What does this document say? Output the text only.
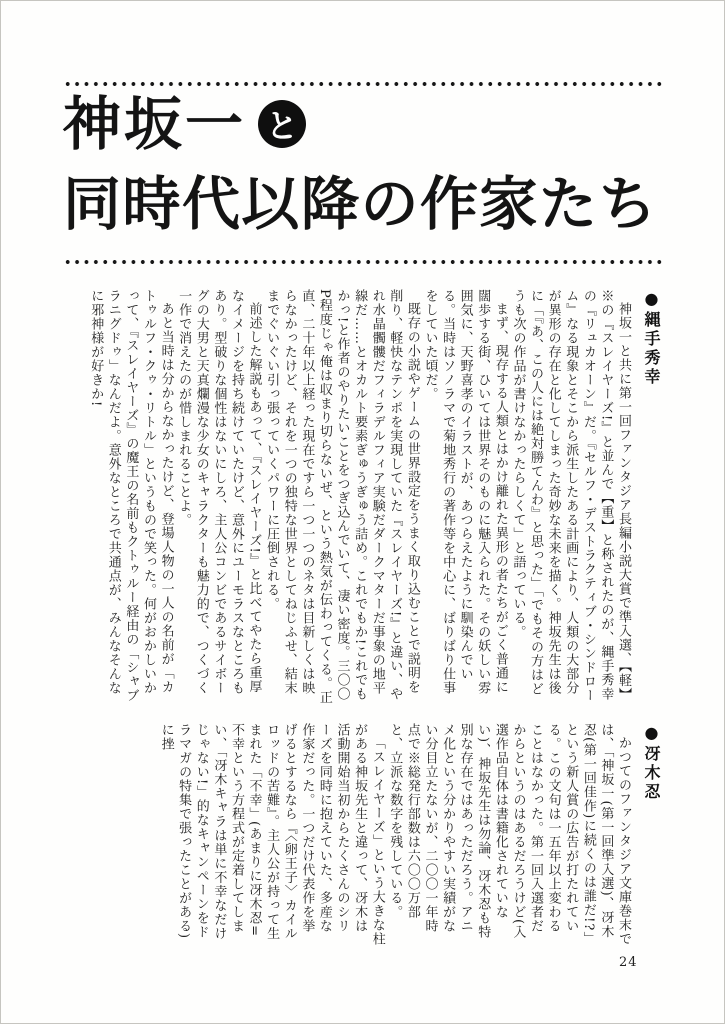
神坂一 と
同時代以降の作家たち
●縄手秀幸

神坂一と共に第一回ファンタジア長編小説大賞で準入選、【軽】※の『スレイヤーズ!』と並んで【重】と称されたのが、縄手秀幸の『リュカオーン』だ。『セルフ・デストラクティブ・シンドローム』なる現象とそこから派生したある計画により、人類の大部分が異形の存在と化してしまった奇妙な未来を描く。神坂先生は後に「『あ、この人には絶対勝てんわ』と思った」「でもその方はどうも次の作品が書けなかったらしくて」と語っている。

まず、現存する人類とはかけ離れた異形の者たちがごく普通に闊歩する街、ひいては世界そのものに魅入られた。その妖しい雰囲気に、天野喜孝のイラストが、あつらえたように馴染んでいる。当時はソノラマで菊地秀行の著作等を中心に、ばりばり仕事をしていた頃だ。

既存の小説やゲームの世界設定をうまく取り込むことで説明を削り、軽快なテンポを実現していた『スレイヤーズ!』と違い、やれ水晶髑髏だフィラデルフィア実験だダークマターだ事象の地平線だ……とオカルト要素ぎゅうぎゅう詰め。これでもか!これでもかっ!と作者のやりたいことをつぎ込んでいて、凄い密度。三〇〇P程度じゃ俺は収まり切らないぜ、という熱気が伝わってくる。正直、二十年以上経った現在ですら一つ一つのネタは目新しくは映らなかったけど、それを一つの独特な世界としてねじふせ、結末までぐいぐい引っ張っていくパワーに圧倒される。

前述した解説もあって、『スレイヤーズ!』と比べてやたら重厚なイメージを持ち続けていたけど、意外にユーモラスなところもあり。型破りな個性はないにしろ、主人公コンビであるサイボーグの大男と天真爛漫な少女のキャラクターも魅力的で、つくづく一作で消えたのが惜しまれることよ。

あと当時は分からなかったけど、登場人物の一人の名前が「カトゥルフ・クゥ・リトル」というもので笑った。何がおかしいかって、『スレイヤーズ』の魔王の名前もクトゥルー経由の「シャブラニグドゥ」なんだよ。意外なところで共通点が、みんなそんなに邪神様が好きか!

●冴木忍

かつてのファンタジア文庫巻末では、「神坂一(第一回準入選)、冴木忍(第一回佳作)に続くのは誰だ!?」という新人賞の広告が打たれている。この文句は一五年以上変わることはなかった。第一回入選者だからというのはあるだろうけど(入選作品自体は書籍化されていない)、神坂先生は勿論、冴木忍も特別な存在ではあっただろう。アニメ化という分かりやすい実績がない分目立たないが、二〇〇一年時点で※総発行部数は六〇〇万部と、立派な数字を残している。

「スレイヤーズ」という大きな柱がある神坂先生と違って、冴木は活動開始当初からたくさんのシリーズを同時に抱えていた、多産な作家だった。一つだけ代表作を挙げるとするなら『〈卵王子〉カイルロッドの苦難』。主人公が持って生まれた「不幸」(あまりに冴木忍=不幸という方程式が定着してしまい、「冴木キャラは単に不幸なだけじゃない!」的なキャンペーンをドラマガの特集で張ったことがある)に挫

24
